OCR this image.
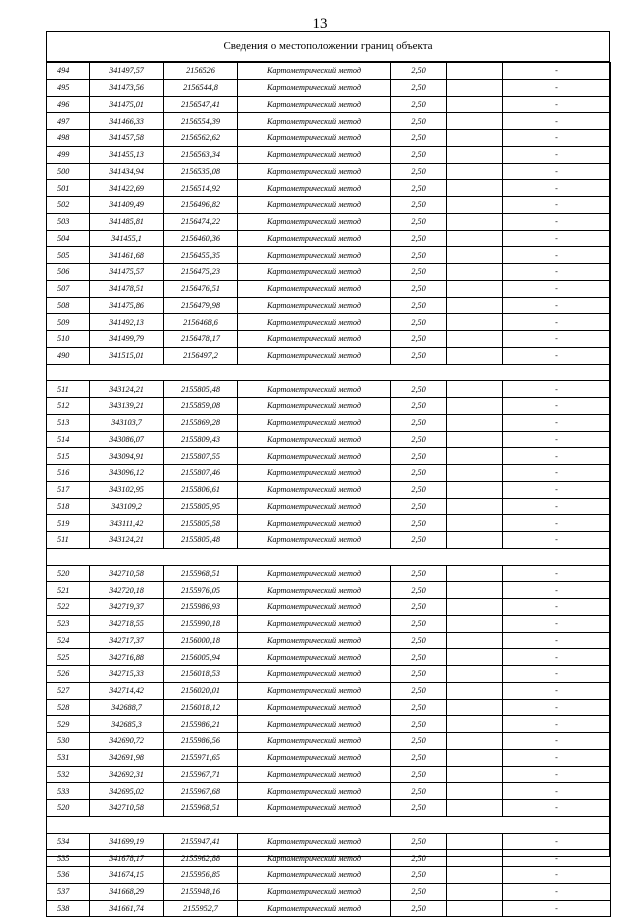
13
Сведения о местоположении границ объекта
494	341497,57	2156526	Картометрический метод	2,50		-
495	341473,56	2156544,8	Картометрический метод	2,50		-
496	341475,01	2156547,41	Картометрический метод	2,50		-
497	341466,33	2156554,39	Картометрический метод	2,50		-
498	341457,58	2156562,62	Картометрический метод	2,50		-
499	341455,13	2156563,34	Картометрический метод	2,50		-
500	341434,94	2156535,08	Картометрический метод	2,50		-
501	341422,69	2156514,92	Картометрический метод	2,50		-
502	341409,49	2156496,82	Картометрический метод	2,50		-
503	341485,81	2156474,22	Картометрический метод	2,50		-
504	341455,1	2156460,36	Картометрический метод	2,50		-
505	341461,68	2156455,35	Картометрический метод	2,50		-
506	341475,57	2156475,23	Картометрический метод	2,50		-
507	341478,51	2156476,51	Картометрический метод	2,50		-
508	341475,86	2156479,98	Картометрический метод	2,50		-
509	341492,13	2156468,6	Картометрический метод	2,50		-
510	341499,79	2156478,17	Картометрический метод	2,50		-
490	341515,01	2156497,2	Картометрический метод	2,50		-

511	343124,21	2155805,48	Картометрический метод	2,50		-
512	343139,21	2155859,08	Картометрический метод	2,50		-
513	343103,7	2155869,28	Картометрический метод	2,50		-
514	343086,07	2155809,43	Картометрический метод	2,50		-
515	343094,91	2155807,55	Картометрический метод	2,50		-
516	343096,12	2155807,46	Картометрический метод	2,50		-
517	343102,95	2155806,61	Картометрический метод	2,50		-
518	343109,2	2155805,95	Картометрический метод	2,50		-
519	343111,42	2155805,58	Картометрический метод	2,50		-
511	343124,21	2155805,48	Картометрический метод	2,50		-

520	342710,58	2155968,51	Картометрический метод	2,50		-
521	342720,18	2155976,05	Картометрический метод	2,50		-
522	342719,37	2155986,93	Картометрический метод	2,50		-
523	342718,55	2155990,18	Картометрический метод	2,50		-
524	342717,37	2156000,18	Картометрический метод	2,50		-
525	342716,88	2156005,94	Картометрический метод	2,50		-
526	342715,33	2156018,53	Картометрический метод	2,50		-
527	342714,42	2156020,01	Картометрический метод	2,50		-
528	342688,7	2156018,12	Картометрический метод	2,50		-
529	342685,3	2155986,21	Картометрический метод	2,50		-
530	342690,72	2155986,56	Картометрический метод	2,50		-
531	342691,98	2155971,65	Картометрический метод	2,50		-
532	342692,31	2155967,71	Картометрический метод	2,50		-
533	342695,02	2155967,68	Картометрический метод	2,50		-
520	342710,58	2155968,51	Картометрический метод	2,50		-

534	341699,19	2155947,41	Картометрический метод	2,50		-
535	341678,17	2155962,88	Картометрический метод	2,50		-
536	341674,15	2155956,85	Картометрический метод	2,50		-
537	341668,29	2155948,16	Картометрический метод	2,50		-
538	341661,74	2155952,7	Картометрический метод	2,50		-
